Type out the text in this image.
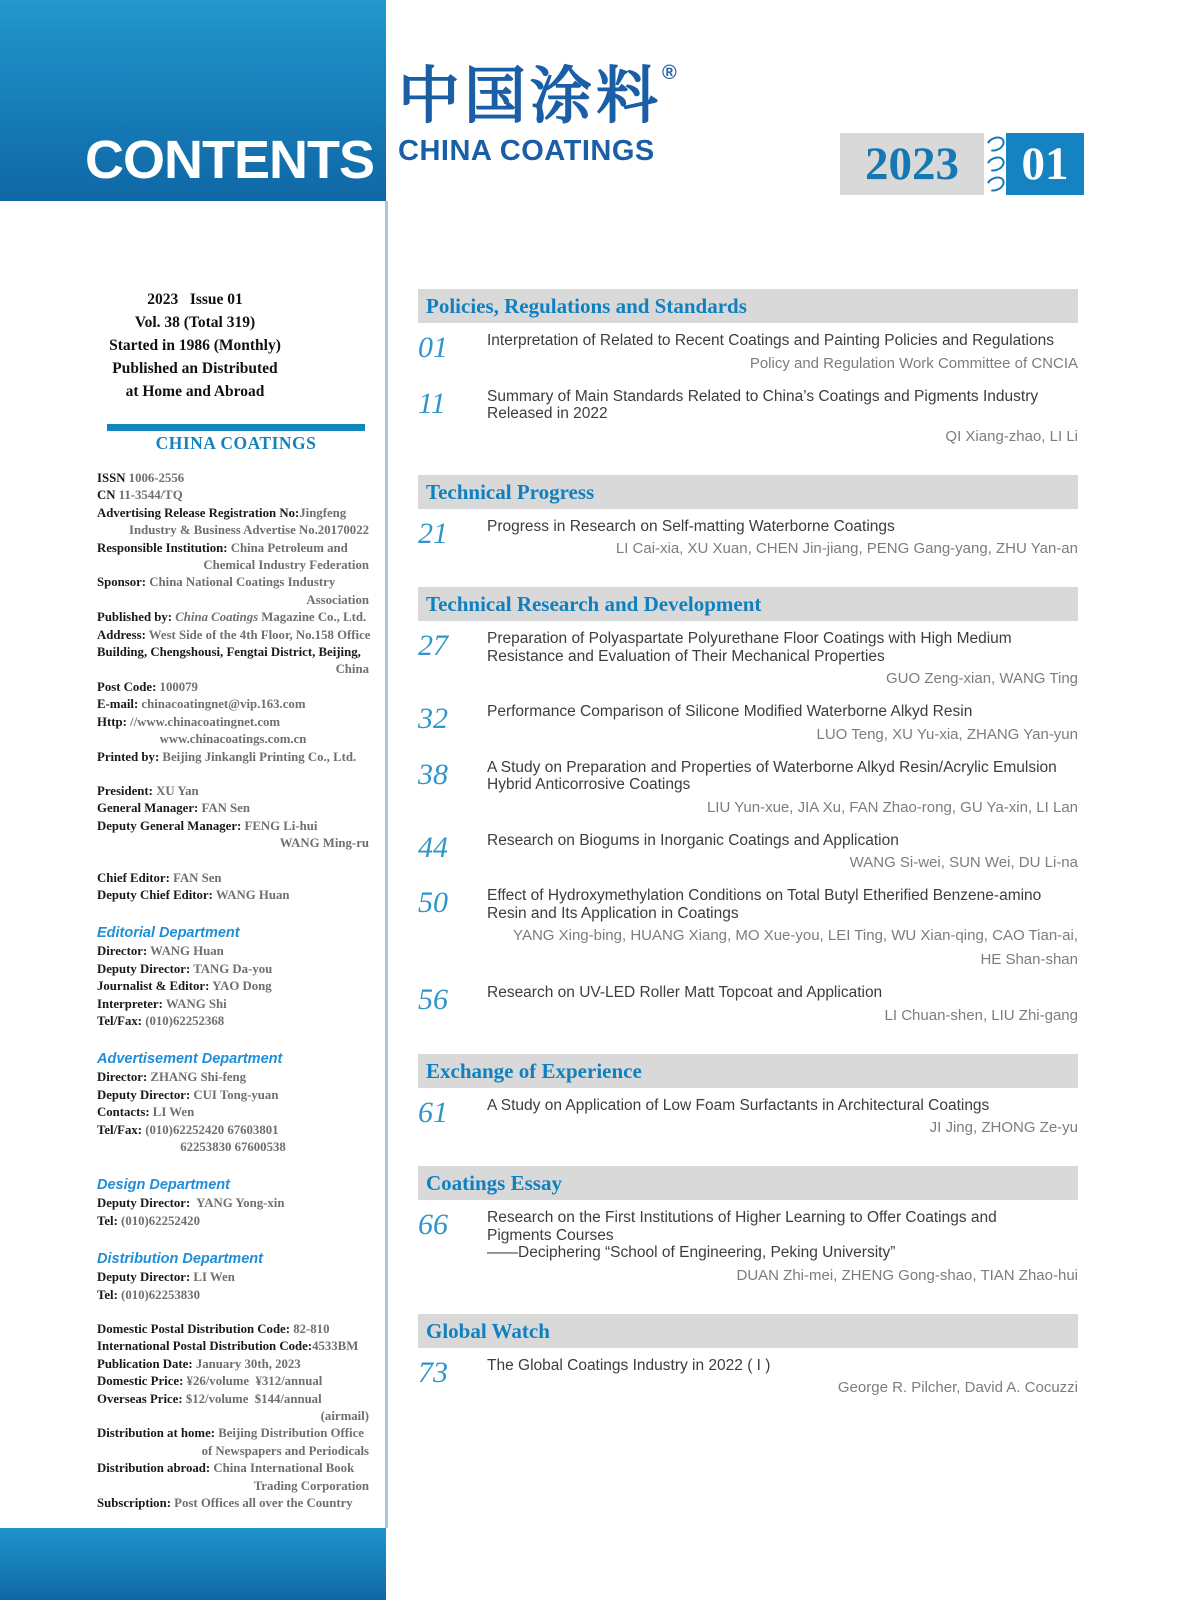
CONTENTS
中国涂料®
CHINA COATINGS	2023	01
2023   Issue 01
Vol. 38 (Total 319)
Started in 1986 (Monthly)
Published an Distributed
at Home and Abroad
CHINA COATINGS
ISSN 1006-2556
CN 11-3544/TQ
Advertising Release Registration No:Jingfeng
Industry & Business Advertise No.20170022
Responsible Institution: China Petroleum and
Chemical Industry Federation
Sponsor: China National Coatings Industry
Association
Published by: China Coatings Magazine Co., Ltd.
Address: West Side of the 4th Floor, No.158 Office
Building, Chengshousi, Fengtai District, Beijing,
China
Post Code: 100079
E-mail: chinacoatingnet@vip.163.com
Http: //www.chinacoatingnet.com
www.chinacoatings.com.cn
Printed by: Beijing Jinkangli Printing Co., Ltd.
President: XU Yan
General Manager: FAN Sen
Deputy General Manager: FENG Li-hui
WANG Ming-ru
Chief Editor: FAN Sen
Deputy Chief Editor: WANG Huan
Editorial Department
Director: WANG Huan
Deputy Director: TANG Da-you
Journalist & Editor: YAO Dong
Interpreter: WANG Shi
Tel/Fax: (010)62252368
Advertisement Department
Director: ZHANG Shi-feng
Deputy Director: CUI Tong-yuan
Contacts: LI Wen
Tel/Fax: (010)62252420 67603801
62253830 67600538
Design Department
Deputy Director:  YANG Yong-xin
Tel: (010)62252420
Distribution Department
Deputy Director: LI Wen
Tel: (010)62253830
Domestic Postal Distribution Code: 82-810
International Postal Distribution Code:4533BM
Publication Date: January 30th, 2023
Domestic Price: ¥26/volume  ¥312/annual
Overseas Price: $12/volume  $144/annual
(airmail)
Distribution at home: Beijing Distribution Office
of Newspapers and Periodicals
Distribution abroad: China International Book
Trading Corporation
Subscription: Post Offices all over the Country
Policies, Regulations and Standards
01	Interpretation of Related to Recent Coatings and Painting Policies and Regulations
Policy and Regulation Work Committee of CNCIA
11	Summary of Main Standards Related to China’s Coatings and Pigments Industry
Released in 2022
QI Xiang-zhao, LI Li
Technical Progress
21	Progress in Research on Self-matting Waterborne Coatings
LI Cai-xia, XU Xuan, CHEN Jin-jiang, PENG Gang-yang, ZHU Yan-an
Technical Research and Development
27	Preparation of Polyaspartate Polyurethane Floor Coatings with High Medium
Resistance and Evaluation of Their Mechanical Properties
GUO Zeng-xian, WANG Ting
32	Performance Comparison of Silicone Modified Waterborne Alkyd Resin
LUO Teng, XU Yu-xia, ZHANG Yan-yun
38	A Study on Preparation and Properties of Waterborne Alkyd Resin/Acrylic Emulsion
Hybrid Anticorrosive Coatings
LIU Yun-xue, JIA Xu, FAN Zhao-rong, GU Ya-xin, LI Lan
44	Research on Biogums in Inorganic Coatings and Application
WANG Si-wei, SUN Wei, DU Li-na
50	Effect of Hydroxymethylation Conditions on Total Butyl Etherified Benzene-amino
Resin and Its Application in Coatings
YANG Xing-bing, HUANG Xiang, MO Xue-you, LEI Ting, WU Xian-qing, CAO Tian-ai,
HE Shan-shan
56	Research on UV-LED Roller Matt Topcoat and Application
LI Chuan-shen, LIU Zhi-gang
Exchange of Experience
61	A Study on Application of Low Foam Surfactants in Architectural Coatings
JI Jing, ZHONG Ze-yu
Coatings Essay
66	Research on the First Institutions of Higher Learning to Offer Coatings and
Pigments Courses
——Deciphering “School of Engineering, Peking University”
DUAN Zhi-mei, ZHENG Gong-shao, TIAN Zhao-hui
Global Watch
73	The Global Coatings Industry in 2022 ( I )
George R. Pilcher, David A. Cocuzzi
